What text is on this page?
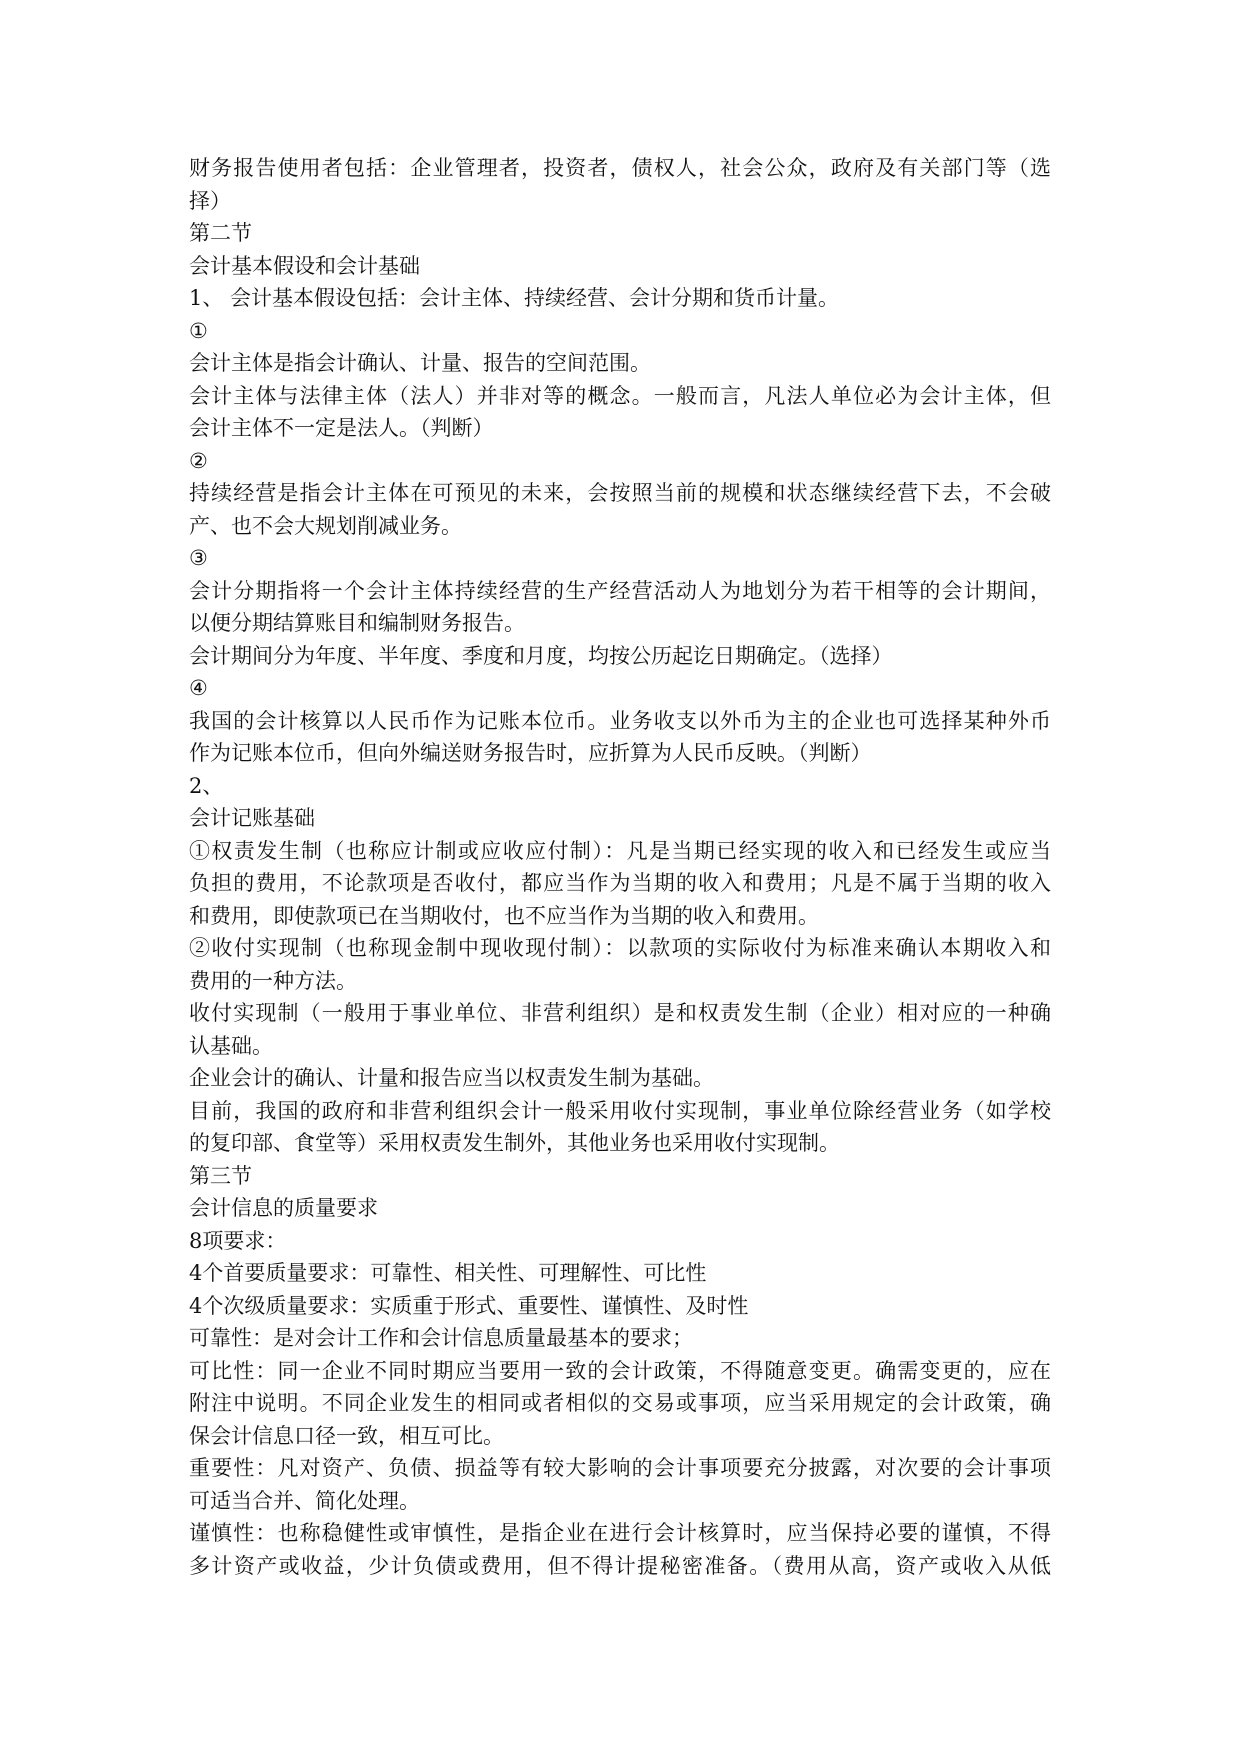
财务报告使用者包括：企业管理者，投资者，债权人，社会公众，政府及有关部门等（选
择）
第二节
会计基本假设和会计基础
1、 会计基本假设包括：会计主体、持续经营、会计分期和货币计量。
①
会计主体是指会计确认、计量、报告的空间范围。
会计主体与法律主体（法人）并非对等的概念。一般而言，凡法人单位必为会计主体，但
会计主体不一定是法人。（判断）
②
持续经营是指会计主体在可预见的未来，会按照当前的规模和状态继续经营下去，不会破
产、也不会大规划削减业务。
③
会计分期指将一个会计主体持续经营的生产经营活动人为地划分为若干相等的会计期间，
以便分期结算账目和编制财务报告。
会计期间分为年度、半年度、季度和月度，均按公历起讫日期确定。（选择）
④
我国的会计核算以人民币作为记账本位币。业务收支以外币为主的企业也可选择某种外币
作为记账本位币，但向外编送财务报告时，应折算为人民币反映。（判断）
2、
会计记账基础
①权责发生制（也称应计制或应收应付制）：凡是当期已经实现的收入和已经发生或应当
负担的费用，不论款项是否收付，都应当作为当期的收入和费用；凡是不属于当期的收入
和费用，即使款项已在当期收付，也不应当作为当期的收入和费用。
②收付实现制（也称现金制中现收现付制）：以款项的实际收付为标准来确认本期收入和
费用的一种方法。
收付实现制（一般用于事业单位、非营利组织）是和权责发生制（企业）相对应的一种确
认基础。
企业会计的确认、计量和报告应当以权责发生制为基础。
目前，我国的政府和非营利组织会计一般采用收付实现制，事业单位除经营业务（如学校
的复印部、食堂等）采用权责发生制外，其他业务也采用收付实现制。
第三节
会计信息的质量要求
8项要求：
4个首要质量要求：可靠性、相关性、可理解性、可比性
4个次级质量要求：实质重于形式、重要性、谨慎性、及时性
可靠性：是对会计工作和会计信息质量最基本的要求；
可比性：同一企业不同时期应当要用一致的会计政策，不得随意变更。确需变更的，应在
附注中说明。不同企业发生的相同或者相似的交易或事项，应当采用规定的会计政策，确
保会计信息口径一致，相互可比。
重要性：凡对资产、负债、损益等有较大影响的会计事项要充分披露，对次要的会计事项
可适当合并、简化处理。
谨慎性：也称稳健性或审慎性，是指企业在进行会计核算时，应当保持必要的谨慎，不得
多计资产或收益，少计负债或费用，但不得计提秘密准备。（费用从高，资产或收入从低
